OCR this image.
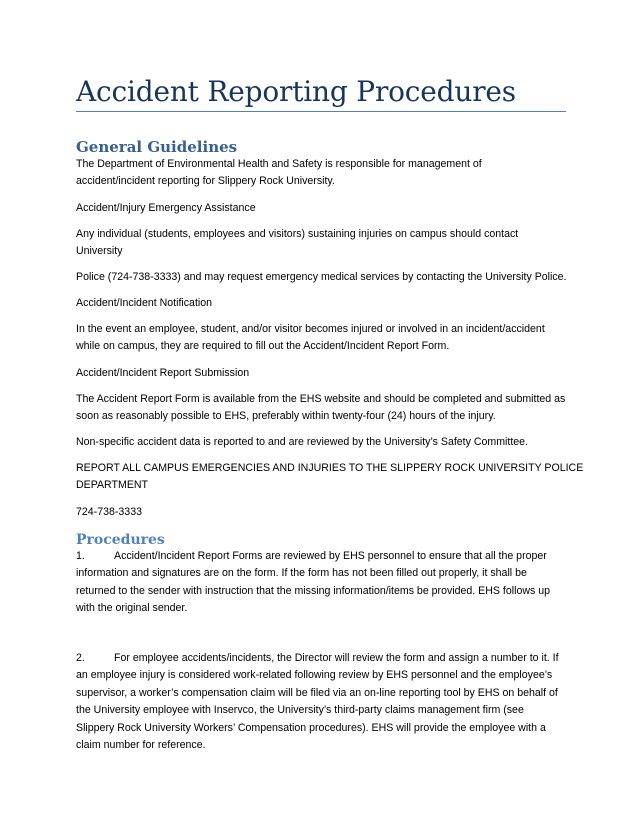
Accident Reporting Procedures
General Guidelines
The Department of Environmental Health and Safety is responsible for management of
accident/incident reporting for Slippery Rock University.
Accident/Injury Emergency Assistance
Any individual (students, employees and visitors) sustaining injuries on campus should contact
University
Police (724-738-3333) and may request emergency medical services by contacting the University Police.
Accident/Incident Notification
In the event an employee, student, and/or visitor becomes injured or involved in an incident/accident
while on campus, they are required to fill out the Accident/Incident Report Form.
Accident/Incident Report Submission
The Accident Report Form is available from the EHS website and should be completed and submitted as
soon as reasonably possible to EHS, preferably within twenty-four (24) hours of the injury.
Non-specific accident data is reported to and are reviewed by the University’s Safety Committee.
REPORT ALL CAMPUS EMERGENCIES AND INJURIES TO THE SLIPPERY ROCK UNIVERSITY POLICE
DEPARTMENT
724-738-3333
Procedures
1.	Accident/Incident Report Forms are reviewed by EHS personnel to ensure that all the proper
information and signatures are on the form. If the form has not been filled out properly, it shall be
returned to the sender with instruction that the missing information/items be provided. EHS follows up
with the original sender.
2.	For employee accidents/incidents, the Director will review the form and assign a number to it. If
an employee injury is considered work-related following review by EHS personnel and the employee’s
supervisor, a worker’s compensation claim will be filed via an on-line reporting tool by EHS on behalf of
the University employee with Inservco, the University’s third-party claims management firm (see
Slippery Rock University Workers’ Compensation procedures). EHS will provide the employee with a
claim number for reference.
